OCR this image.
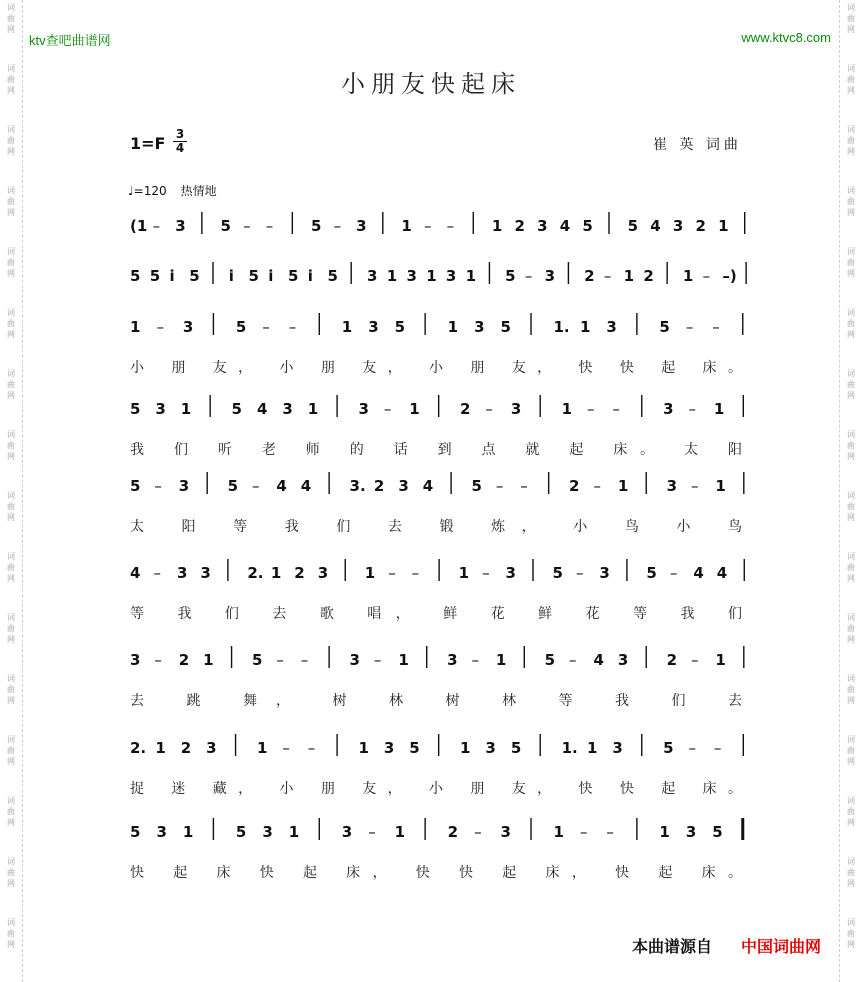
词
曲
网
词
曲
网
词
曲
网
词
曲
网
词
曲
网
词
曲
网
词
曲
网
词
曲
网
词
曲
网
词
曲
网
词
曲
网
词
曲
网
词
曲
网
词
曲
网
词
曲
网
词
曲
网
词
曲
网
词
曲
网
词
曲
网
词
曲
网
词
曲
网
词
曲
网
词
曲
网
词
曲
网
词
曲
网
词
曲
网
词
曲
网
词
曲
网
词
曲
网
词
曲
网
词
曲
网
词
曲
网
ktv查吧曲谱网	www.ktvc8.com
小朋友快起床
1=F 3
4	崔 英 词曲
♩=120 热情地
(1 – 3 5 – –	5 – 3 1 – –	1 2 3 4 5 5 4 3 2 1
5 5 i 5 i 5 i 5 i 5 3 1 3 1 3 1 5 – 3 2 – 1 2 1 – –)
1 – 3	5 – –	1 3 5	1 3 5	1. 1 3	5 – –
小 朋 友， 小 朋 友， 小 朋 友， 快 快 起 床。
5 3 1	5 4 3 1	3 – 1	2 – 3	1 – –	3 – 1
我 们 听 老 师 的 话 到 点 就 起 床。 太 阳
5 – 3	5 – 4 4	3. 2 3 4	5 – –	2 – 1	3 – 1
太 阳 等 我 们 去 锻 炼， 小 鸟 小 鸟
4 – 3 3 2. 1 2 3 1 – –	1 – 3 5 – 3 5 – 4 4
等 我 们 去 歌 唱， 鲜 花 鲜 花 等 我 们
3 – 2 1	5 – –	3 – 1	3 – 1	5 – 4 3	2 – 1
去 跳 舞， 树 林 树 林 等 我 们 去
2. 1 2 3	1 – –	1 3 5	1 3 5	1. 1 3	5 – –
捉 迷 藏， 小 朋 友， 小 朋 友， 快 快 起 床。
5 3 1	5 3 1	3 – 1	2 – 3	1 – –	1 3 5
快 起 床 快 起 床， 快 快 起 床， 快 起 床。
本曲谱源自 中国词曲网
